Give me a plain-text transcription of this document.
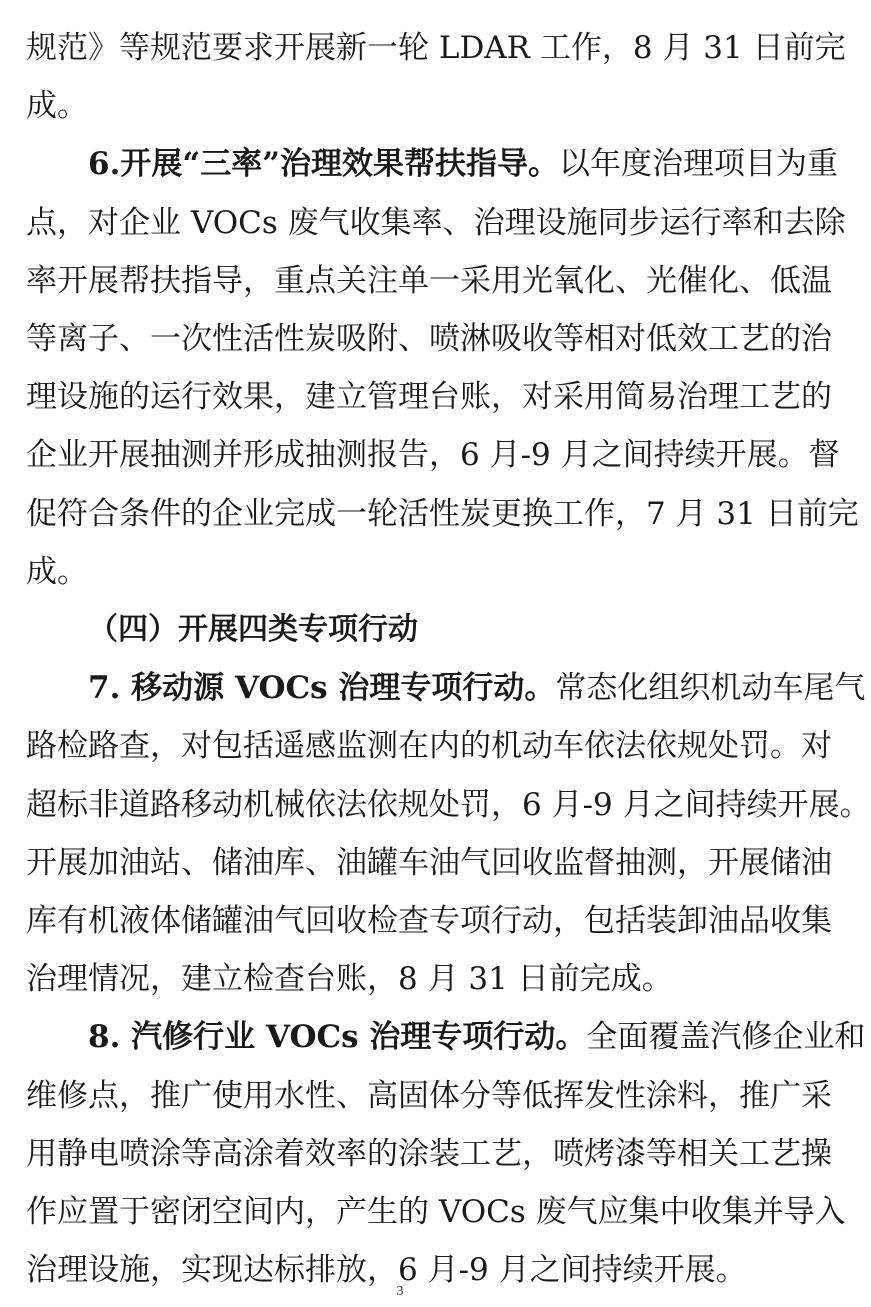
规范》等规范要求开展新一轮 LDAR 工作，8 月 31 日前完
成。
6.开展“三率”治理效果帮扶指导。以年度治理项目为重
点，对企业 VOCs 废气收集率、治理设施同步运行率和去除
率开展帮扶指导，重点关注单一采用光氧化、光催化、低温
等离子、一次性活性炭吸附、喷淋吸收等相对低效工艺的治
理设施的运行效果，建立管理台账，对采用简易治理工艺的
企业开展抽测并形成抽测报告，6 月-9 月之间持续开展。督
促符合条件的企业完成一轮活性炭更换工作，7 月 31 日前完
成。
（四）开展四类专项行动
7. 移动源 VOCs 治理专项行动。常态化组织机动车尾气
路检路查，对包括遥感监测在内的机动车依法依规处罚。对
超标非道路移动机械依法依规处罚，6 月-9 月之间持续开展。
开展加油站、储油库、油罐车油气回收监督抽测，开展储油
库有机液体储罐油气回收检查专项行动，包括装卸油品收集
治理情况，建立检查台账，8 月 31 日前完成。
8. 汽修行业 VOCs 治理专项行动。全面覆盖汽修企业和
维修点，推广使用水性、高固体分等低挥发性涂料，推广采
用静电喷涂等高涂着效率的涂装工艺，喷烤漆等相关工艺操
作应置于密闭空间内，产生的 VOCs 废气应集中收集并导入
3
治理设施，实现达标排放，6 月-9 月之间持续开展。
